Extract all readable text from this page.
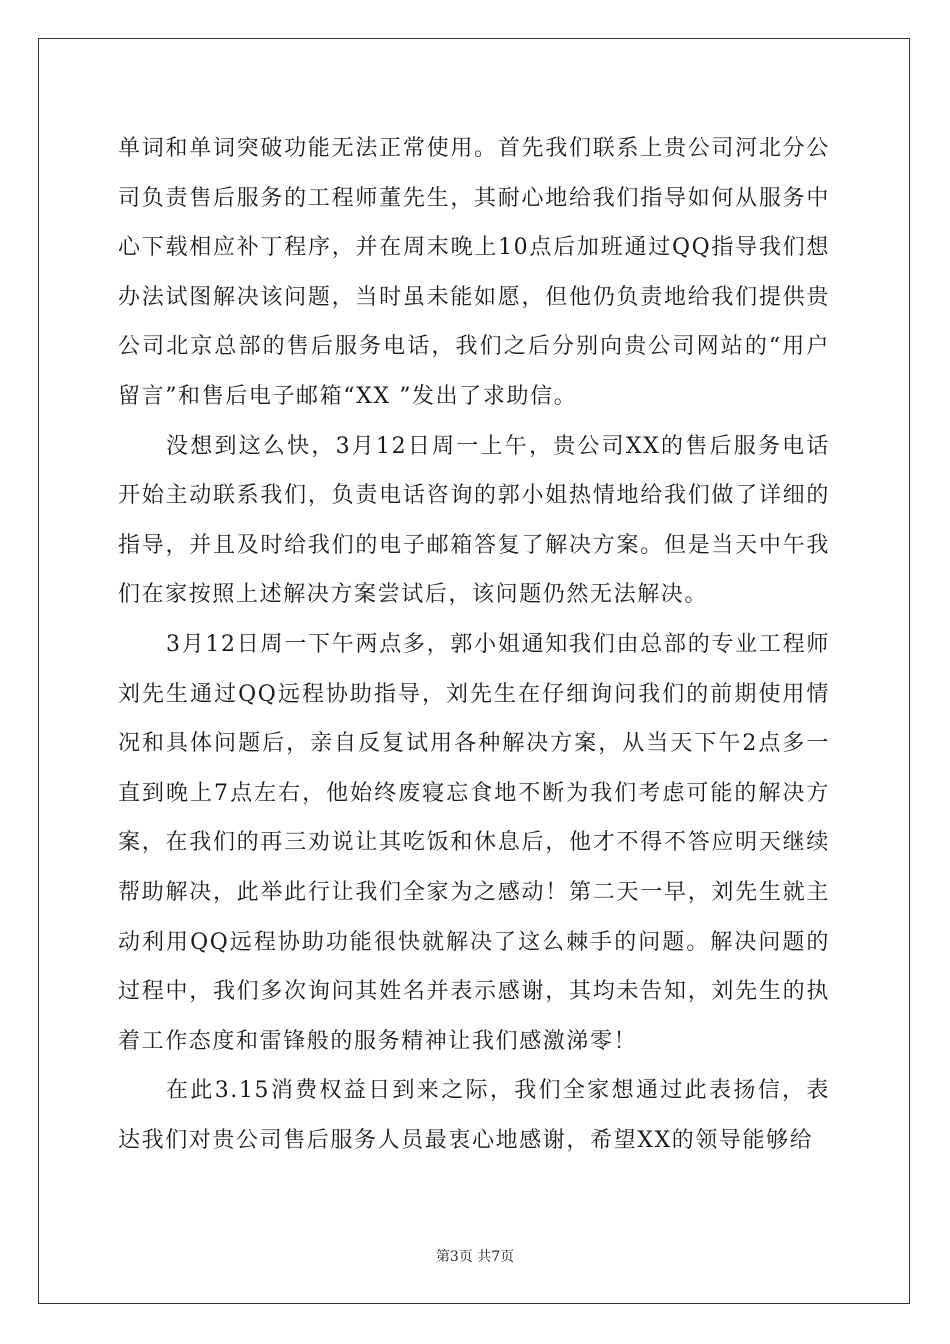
单词和单词突破功能无法正常使用。首先我们联系上贵公司河北分公司负责售后服务的工程师董先生，其耐心地给我们指导如何从服务中心下载相应补丁程序，并在周末晚上10点后加班通过QQ指导我们想办法试图解决该问题，当时虽未能如愿，但他仍负责地给我们提供贵公司北京总部的售后服务电话，我们之后分别向贵公司网站的“用户留言”和售后电子邮箱“XX ”发出了求助信。

没想到这么快，3月12日周一上午，贵公司XX的售后服务电话开始主动联系我们，负责电话咨询的郭小姐热情地给我们做了详细的指导，并且及时给我们的电子邮箱答复了解决方案。但是当天中午我们在家按照上述解决方案尝试后，该问题仍然无法解决。

3月12日周一下午两点多，郭小姐通知我们由总部的专业工程师刘先生通过QQ远程协助指导，刘先生在仔细询问我们的前期使用情况和具体问题后，亲自反复试用各种解决方案，从当天下午2点多一直到晚上7点左右，他始终废寝忘食地不断为我们考虑可能的解决方案，在我们的再三劝说让其吃饭和休息后，他才不得不答应明天继续帮助解决，此举此行让我们全家为之感动！第二天一早，刘先生就主动利用QQ远程协助功能很快就解决了这么棘手的问题。解决问题的过程中，我们多次询问其姓名并表示感谢，其均未告知，刘先生的执着工作态度和雷锋般的服务精神让我们感激涕零！

在此3.15消费权益日到来之际，我们全家想通过此表扬信，表达我们对贵公司售后服务人员最衷心地感谢，希望XX的领导能够给

第3页 共7页
